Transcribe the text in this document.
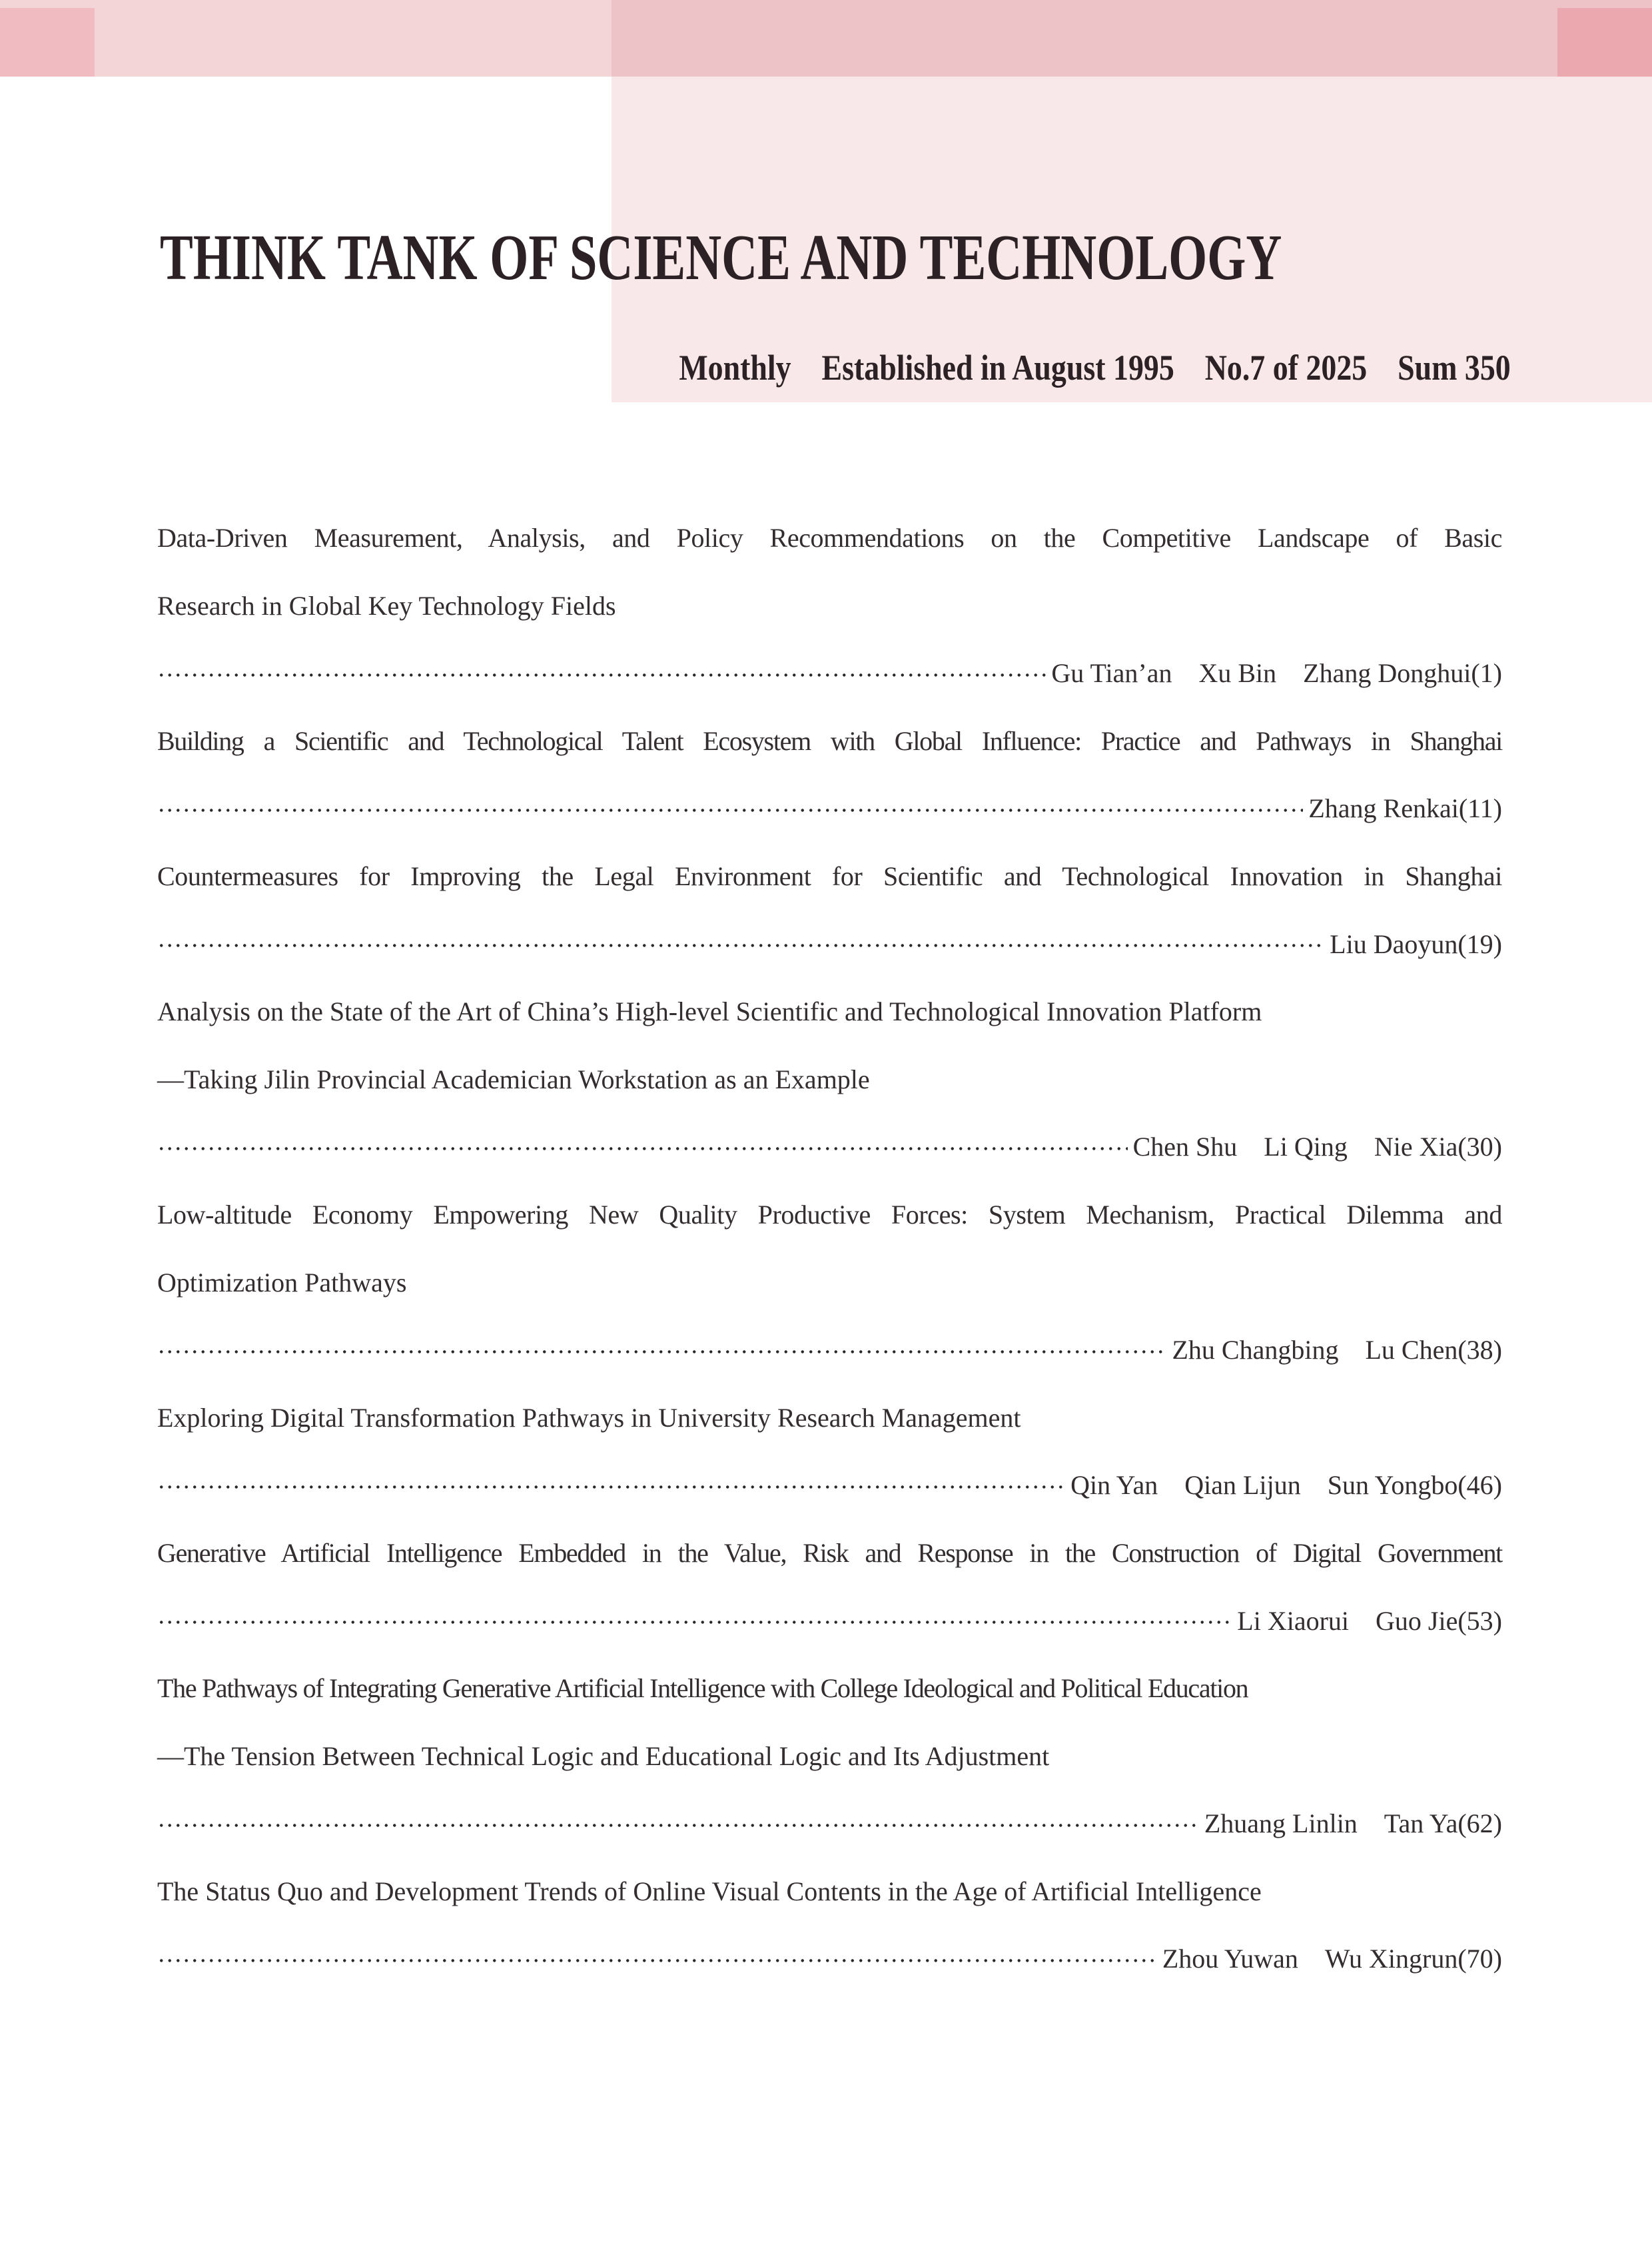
THINK TANK OF SCIENCE AND TECHNOLOGY

Monthly  Established in August 1995  No.7 of 2025  Sum 350

Data-Driven Measurement, Analysis, and Policy Recommendations on the Competitive Landscape of Basic
Research in Global Key Technology Fields
Gu Tian’an  Xu Bin  Zhang Donghui (1)
Building a Scientific and Technological Talent Ecosystem with Global Influence: Practice and Pathways in Shanghai
Zhang Renkai (11)
Countermeasures for Improving the Legal Environment for Scientific and Technological Innovation in Shanghai
Liu Daoyun (19)
Analysis on the State of the Art of China’s High-level Scientific and Technological Innovation Platform
—Taking Jilin Provincial Academician Workstation as an Example
Chen Shu  Li Qing  Nie Xia (30)
Low-altitude Economy Empowering New Quality Productive Forces: System Mechanism, Practical Dilemma and
Optimization Pathways
Zhu Changbing  Lu Chen (38)
Exploring Digital Transformation Pathways in University Research Management
Qin Yan  Qian Lijun  Sun Yongbo (46)
Generative Artificial Intelligence Embedded in the Value, Risk and Response in the Construction of Digital Government
Li Xiaorui  Guo Jie (53)
The Pathways of Integrating Generative Artificial Intelligence with College Ideological and Political Education
—The Tension Between Technical Logic and Educational Logic and Its Adjustment
Zhuang Linlin  Tan Ya (62)
The Status Quo and Development Trends of Online Visual Contents in the Age of Artificial Intelligence
Zhou Yuwan  Wu Xingrun (70)
